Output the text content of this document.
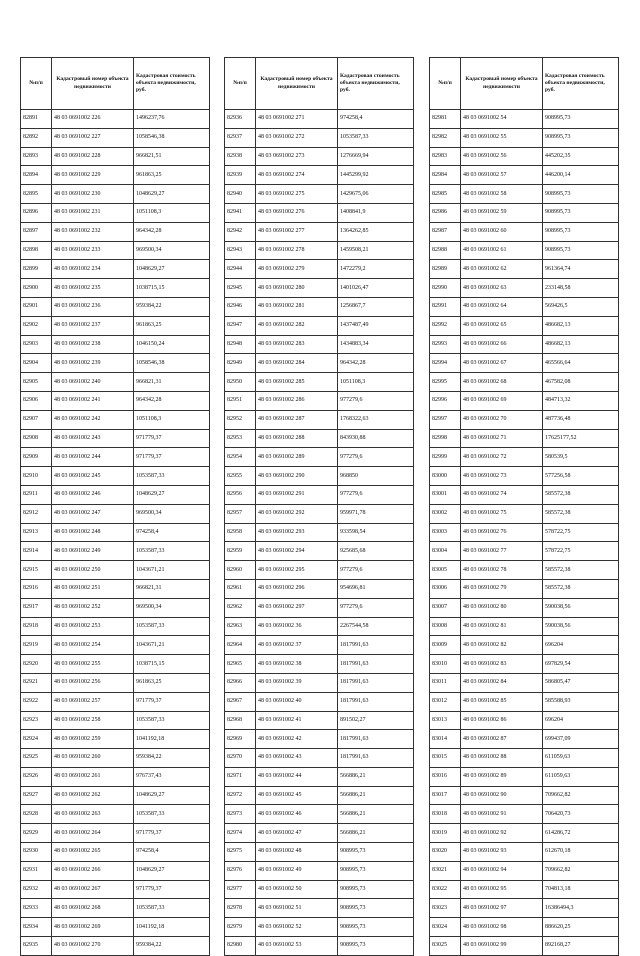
№п/п	Кадастровый номер объекта недвижимости	Кадастровая стоимость объекта недвижимости, руб.
82891	48 03 0691002 226	1496237,76
82892	48 03 0691002 227	1058546,38
82893	48 03 0691002 228	966821,51
82894	48 03 0691002 229	961863,25
82895	48 03 0691002 230	1048629,27
82896	48 03 0691002 231	1051108,3
82897	48 03 0691002 232	964342,28
82898	48 03 0691002 233	969500,34
82899	48 03 0691002 234	1048629,27
82900	48 03 0691002 235	1038715,15
82901	48 03 0691002 236	959384,22
82902	48 03 0691002 237	961863,25
82903	48 03 0691002 238	1046150,24
82904	48 03 0691002 239	1058546,38
82905	48 03 0691002 240	966821,31
82906	48 03 0691002 241	964342,28
82907	48 03 0691002 242	1051108,3
82908	48 03 0691002 243	971779,37
82909	48 03 0691002 244	971779,37
82910	48 03 0691002 245	1053587,33
82911	48 03 0691002 246	1048629,27
82912	48 03 0691002 247	969500,34
82913	48 03 0691002 248	974258,4
82914	48 03 0691002 249	1053587,33
82915	48 03 0691002 250	1043671,21
82916	48 03 0691002 251	966821,31
82917	48 03 0691002 252	969500,34
82918	48 03 0691002 253	1053587,33
82919	48 03 0691002 254	1043671,21
82920	48 03 0691002 255	1038715,15
82921	48 03 0691002 256	961863,25
82922	48 03 0691002 257	971779,37
82923	48 03 0691002 258	1053587,33
82924	48 03 0691002 259	1041192,18
82925	48 03 0691002 260	959384,22
82926	48 03 0691002 261	976737,43
82927	48 03 0691002 262	1048629,27
82928	48 03 0691002 263	1053587,33
82929	48 03 0691002 264	971779,37
82930	48 03 0691002 265	974258,4
82931	48 03 0691002 266	1048629,27
82932	48 03 0691002 267	971779,37
82933	48 03 0691002 268	1053587,33
82934	48 03 0691002 269	1041192,18
82935	48 03 0691002 270	959384,22
№п/п	Кадастровый номер объекта недвижимости	Кадастровая стоимость объекта недвижимости, руб.
82936	48 03 0691002 271	974258,4
82937	48 03 0691002 272	1053587,33
82938	48 03 0691002 273	1276669,94
82939	48 03 0691002 274	1445299,92
82940	48 03 0691002 275	1429675,06
82941	48 03 0691002 276	1408841,9
82942	48 03 0691002 277	1364262,85
82943	48 03 0691002 278	1459508,21
82944	48 03 0691002 279	1472279,2
82945	48 03 0691002 280	1401026,47
82946	48 03 0691002 281	1256867,7
82947	48 03 0691002 282	1437487,49
82948	48 03 0691002 283	1434883,34
82949	48 03 0691002 284	964342,28
82950	48 03 0691002 285	1051108,3
82951	48 03 0691002 286	977279,6
82952	48 03 0691002 287	1768322,63
82953	48 03 0691002 288	843930,88
82954	48 03 0691002 289	977279,6
82955	48 03 0691002 290	968850
82956	48 03 0691002 291	977279,6
82957	48 03 0691002 292	959971,78
82958	48 03 0691002 293	933598,54
82959	48 03 0691002 294	925685,68
82960	48 03 0691002 295	977279,6
82961	48 03 0691002 296	954696,81
82962	48 03 0691002 297	977279,6
82963	48 03 0691002 36	2267544,58
82964	48 03 0691002 37	1817991,63
82965	48 03 0691002 38	1817991,63
82966	48 03 0691002 39	1817991,63
82967	48 03 0691002 40	1817991,63
82968	48 03 0691002 41	891502,27
82969	48 03 0691002 42	1817991,63
82970	48 03 0691002 43	1817991,63
82971	48 03 0691002 44	566886,21
82972	48 03 0691002 45	566886,21
82973	48 03 0691002 46	566886,21
82974	48 03 0691002 47	566886,21
82975	48 03 0691002 48	908995,73
82976	48 03 0691002 49	908995,73
82977	48 03 0691002 50	908995,73
82978	48 03 0691002 51	908995,73
82979	48 03 0691002 52	908995,73
82980	48 03 0691002 53	908995,73
№п/п	Кадастровый номер объекта недвижимости	Кадастровая стоимость объекта недвижимости, руб.
82981	48 03 0691002 54	908995,73
82982	48 03 0691002 55	908995,73
82983	48 03 0691002 56	445202,35
82984	48 03 0691002 57	446200,14
82985	48 03 0691002 58	908995,73
82986	48 03 0691002 59	908995,73
82987	48 03 0691002 60	908995,73
82988	48 03 0691002 61	908995,73
82989	48 03 0691002 62	961364,74
82990	48 03 0691002 63	233148,58
82991	48 03 0691002 64	569426,5
82992	48 03 0691002 65	486682,13
82993	48 03 0691002 66	486682,13
82994	48 03 0691002 67	465566,64
82995	48 03 0691002 68	467582,08
82996	48 03 0691002 69	484713,32
82997	48 03 0691002 70	487736,48
82998	48 03 0691002 71	17625177,52
82999	48 03 0691002 72	580539,5
83000	48 03 0691002 73	577256,58
83001	48 03 0691002 74	585572,38
83002	48 03 0691002 75	585572,38
83003	48 03 0691002 76	578722,75
83004	48 03 0691002 77	578722,75
83005	48 03 0691002 78	585572,38
83006	48 03 0691002 79	585572,38
83007	48 03 0691002 80	590038,56
83008	48 03 0691002 81	590038,56
83009	48 03 0691002 82	696204
83010	48 03 0691002 83	697829,54
83011	48 03 0691002 84	586805,47
83012	48 03 0691002 85	585588,93
83013	48 03 0691002 86	696204
83014	48 03 0691002 87	699437,09
83015	48 03 0691002 88	611059,63
83016	48 03 0691002 89	611059,63
83017	48 03 0691002 90	709662,82
83018	48 03 0691002 91	706420,73
83019	48 03 0691002 92	614286,72
83020	48 03 0691002 93	612670,18
83021	48 03 0691002 94	709662,82
83022	48 03 0691002 95	704813,18
83023	48 03 0691002 97	16386494,3
83024	48 03 0691002 98	886620,25
83025	48 03 0691002 99	892168,27
